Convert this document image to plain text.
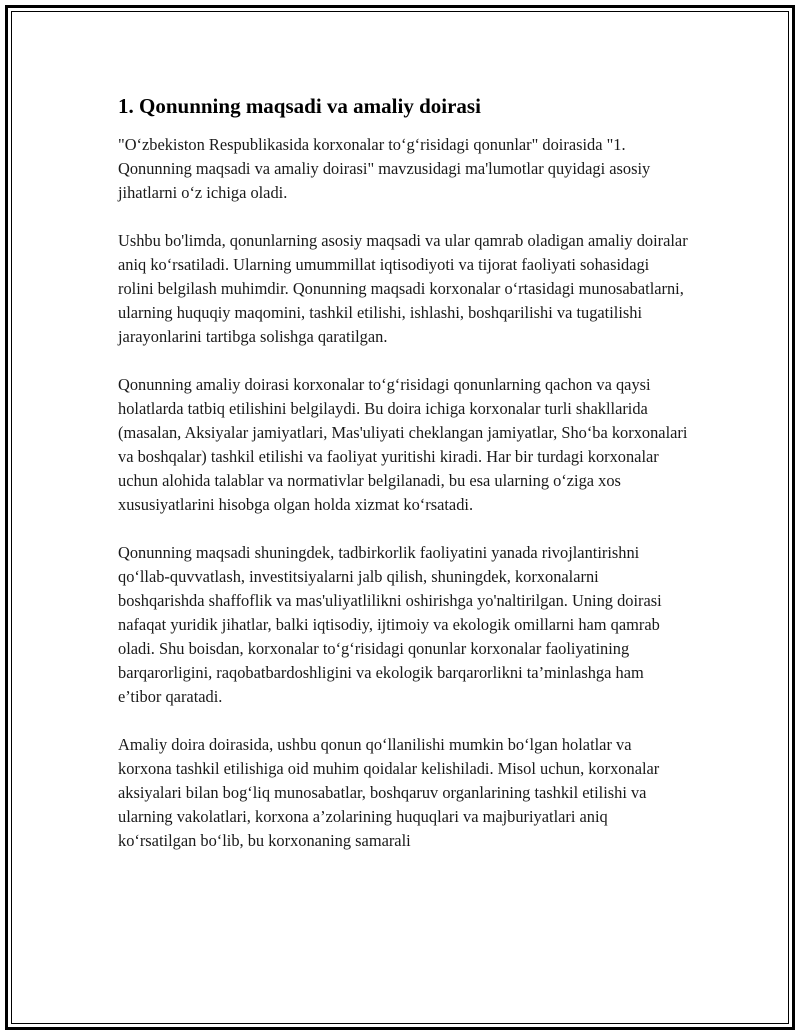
1. Qonunning maqsadi va amaliy doirasi

"O‘zbekiston Respublikasida korxonalar to‘g‘risidagi qonunlar" doirasida "1. Qonunning maqsadi va amaliy doirasi" mavzusidagi ma'lumotlar quyidagi asosiy jihatlarni o‘z ichiga oladi.

Ushbu bo'limda, qonunlarning asosiy maqsadi va ular qamrab oladigan amaliy doiralar aniq ko‘rsatiladi. Ularning umummillat iqtisodiyoti va tijorat faoliyati sohasidagi rolini belgilash muhimdir. Qonunning maqsadi korxonalar o‘rtasidagi munosabatlarni, ularning huquqiy maqomini, tashkil etilishi, ishlashi, boshqarilishi va tugatilishi jarayonlarini tartibga solishga qaratilgan.

Qonunning amaliy doirasi korxonalar to‘g‘risidagi qonunlarning qachon va qaysi holatlarda tatbiq etilishini belgilaydi. Bu doira ichiga korxonalar turli shakllarida (masalan, Aksiyalar jamiyatlari, Mas'uliyati cheklangan jamiyatlar, Sho‘ba korxonalari va boshqalar) tashkil etilishi va faoliyat yuritishi kiradi. Har bir turdagi korxonalar uchun alohida talablar va normativlar belgilanadi, bu esa ularning o‘ziga xos xususiyatlarini hisobga olgan holda xizmat ko‘rsatadi.

Qonunning maqsadi shuningdek, tadbirkorlik faoliyatini yanada rivojlantirishni qo‘llab-quvvatlash, investitsiyalarni jalb qilish, shuningdek, korxonalarni boshqarishda shaffoflik va mas'uliyatlilikni oshirishga yo'naltirilgan. Uning doirasi nafaqat yuridik jihatlar, balki iqtisodiy, ijtimoiy va ekologik omillarni ham qamrab oladi. Shu boisdan, korxonalar to‘g‘risidagi qonunlar korxonalar faoliyatining barqarorligini, raqobatbardoshligini va ekologik barqarorlikni ta’minlashga ham e’tibor qaratadi.

Amaliy doira doirasida, ushbu qonun qo‘llanilishi mumkin bo‘lgan holatlar va korxona tashkil etilishiga oid muhim qoidalar kelishiladi. Misol uchun, korxonalar aksiyalari bilan bog‘liq munosabatlar, boshqaruv organlarining tashkil etilishi va ularning vakolatlari, korxona a’zolarining huquqlari va majburiyatlari aniq ko‘rsatilgan bo‘lib, bu korxonaning samarali
